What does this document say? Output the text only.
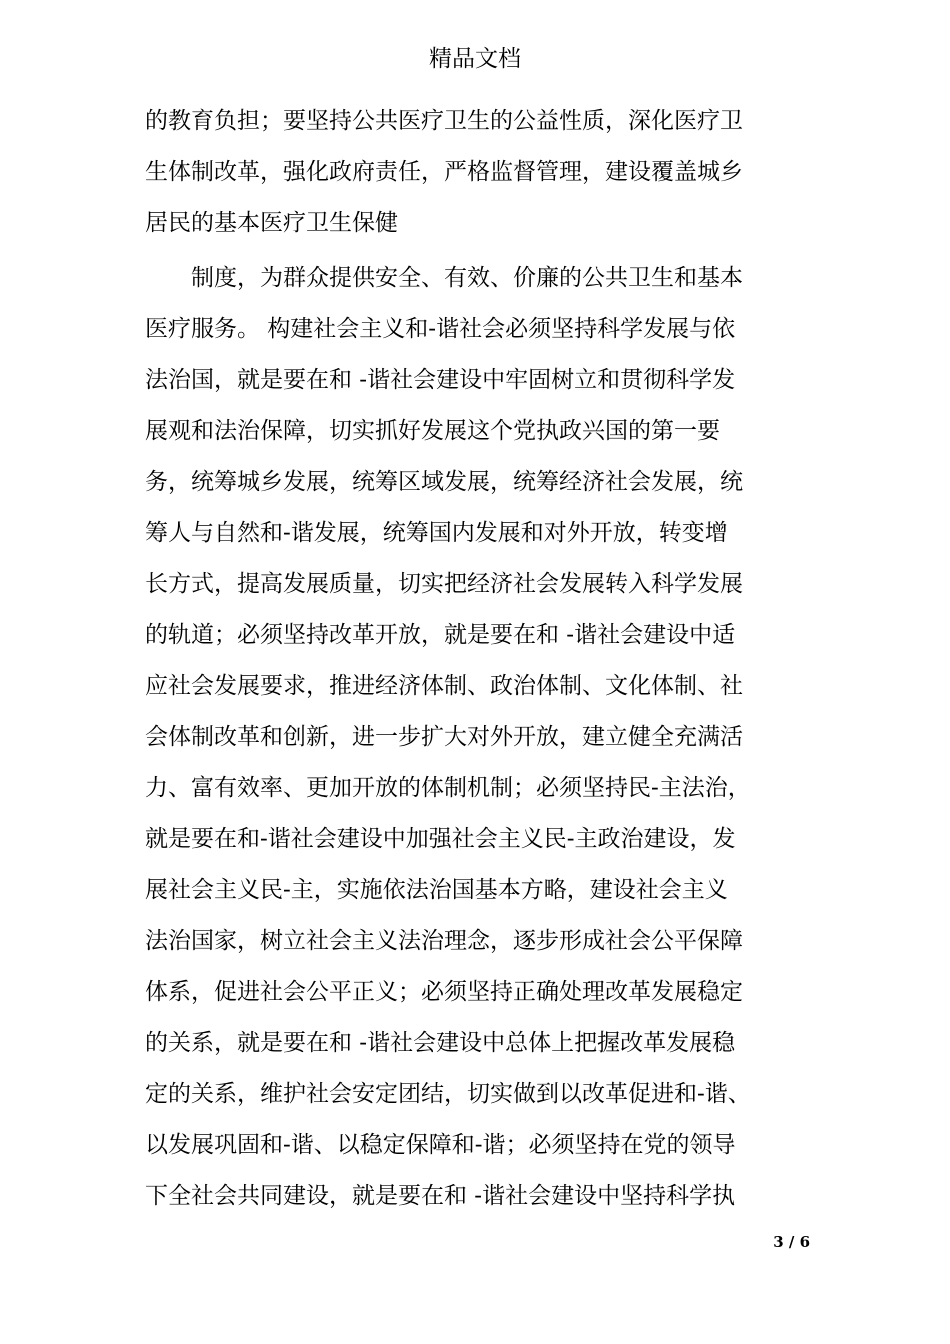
精品文档
的教育负担；要坚持公共医疗卫生的公益性质，深化医疗卫
生体制改革，强化政府责任，严格监督管理，建设覆盖城乡
居民的基本医疗卫生保健
　　制度，为群众提供安全、有效、价廉的公共卫生和基本
医疗服务。 构建社会主义和-谐社会必须坚持科学发展与依
法治国，就是要在和 -谐社会建设中牢固树立和贯彻科学发
展观和法治保障，切实抓好发展这个党执政兴国的第一要
务，统筹城乡发展，统筹区域发展，统筹经济社会发展，统
筹人与自然和-谐发展，统筹国内发展和对外开放，转变增
长方式，提高发展质量，切实把经济社会发展转入科学发展
的轨道；必须坚持改革开放，就是要在和 -谐社会建设中适
应社会发展要求，推进经济体制、政治体制、文化体制、社
会体制改革和创新，进一步扩大对外开放，建立健全充满活
力、富有效率、更加开放的体制机制；必须坚持民-主法治，
就是要在和-谐社会建设中加强社会主义民-主政治建设，发
展社会主义民-主，实施依法治国基本方略，建设社会主义
法治国家，树立社会主义法治理念，逐步形成社会公平保障
体系，促进社会公平正义；必须坚持正确处理改革发展稳定
的关系，就是要在和 -谐社会建设中总体上把握改革发展稳
定的关系，维护社会安定团结，切实做到以改革促进和-谐、
以发展巩固和-谐、以稳定保障和-谐；必须坚持在党的领导
下全社会共同建设，就是要在和 -谐社会建设中坚持科学执
3 / 6
